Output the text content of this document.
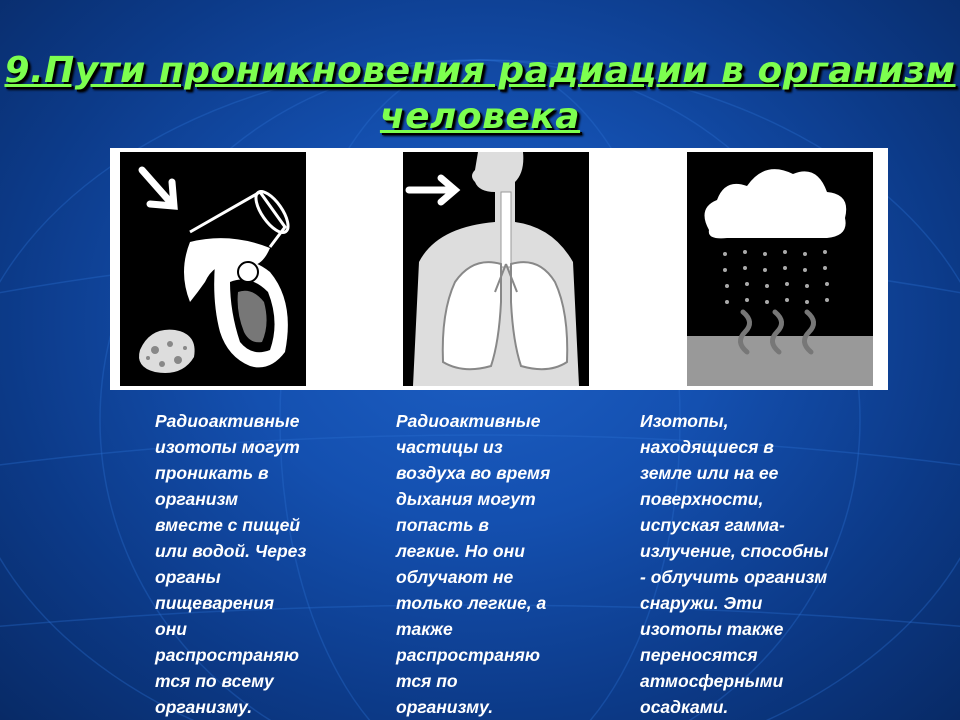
9.Пути проникновения радиации в организм
человека
Радиоактивные
изотопы могут
проникать в
организм
вместе с пищей
или водой. Через
органы
пищеварения
они
распространяю
тся по всему
организму.
Радиоактивные
частицы из
воздуха во время
дыхания могут
попасть в
легкие. Но они
облучают не
только легкие, а
также
распространяю
тся по
организму.
Изотопы,
находящиеся в
земле или на ее
поверхности,
испуская гамма-
излучение, способны
- облучить организм
снаружи. Эти
изотопы также
переносятся
атмосферными
осадками.
